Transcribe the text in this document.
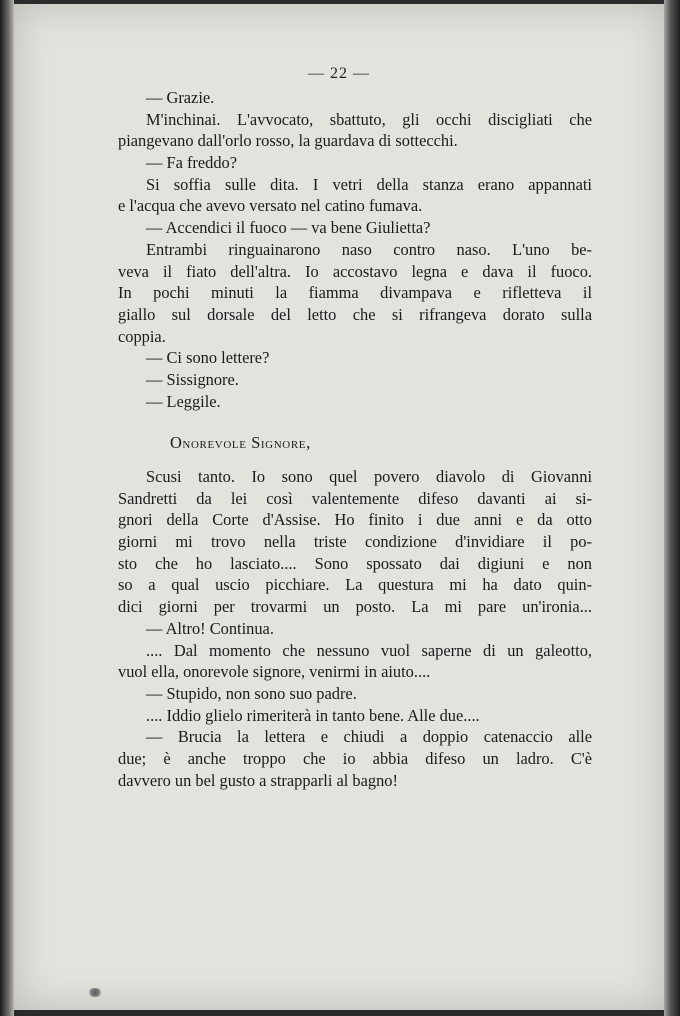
— 22 —
— Grazie.
M'inchinai. L'avvocato, sbattuto, gli occhi discigliati che
piangevano dall'orlo rosso, la guardava di sottecchi.
— Fa freddo?
Si soffia sulle dita. I vetri della stanza erano appannati
e l'acqua che avevo versato nel catino fumava.
— Accendici il fuoco — va bene Giulietta?
Entrambi ringuainarono naso contro naso. L'uno be-
veva il fiato dell'altra. Io accostavo legna e dava il fuoco.
In pochi minuti la fiamma divampava e rifletteva il
giallo sul dorsale del letto che si rifrangeva dorato sulla
coppia.
— Ci sono lettere?
— Sissignore.
— Leggile.
Onorevole Signore,
Scusi tanto. Io sono quel povero diavolo di Giovanni
Sandretti da lei così valentemente difeso davanti ai si-
gnori della Corte d'Assise. Ho finito i due anni e da otto
giorni mi trovo nella triste condizione d'invidiare il po-
sto che ho lasciato.... Sono spossato dai digiuni e non
so a qual uscio picchiare. La questura mi ha dato quin-
dici giorni per trovarmi un posto. La mi pare un'ironia...
— Altro! Continua.
.... Dal momento che nessuno vuol saperne di un galeotto,
vuol ella, onorevole signore, venirmi in aiuto....
— Stupido, non sono suo padre.
.... Iddio glielo rimeriterà in tanto bene. Alle due....
— Brucia la lettera e chiudi a doppio catenaccio alle
due; è anche troppo che io abbia difeso un ladro. C'è
davvero un bel gusto a strapparli al bagno!
